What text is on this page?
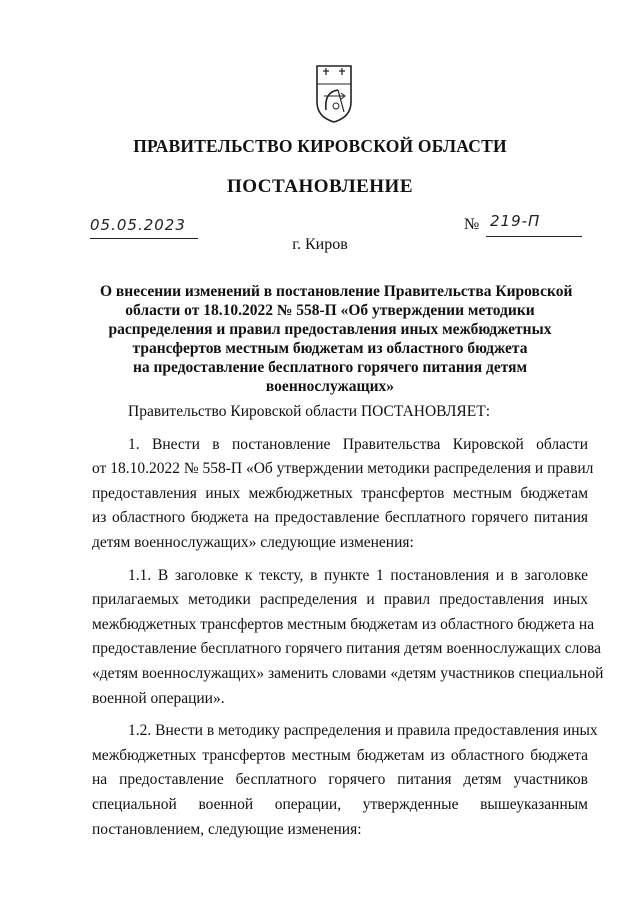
ПРАВИТЕЛЬСТВО КИРОВСКОЙ ОБЛАСТИ
ПОСТАНОВЛЕНИЕ
05.05.2023	№ 219-П
г. Киров
О внесении изменений в постановление Правительства Кировской
области от 18.10.2022 № 558-П «Об утверждении методики
распределения и правил предоставления иных межбюджетных
трансфертов местным бюджетам из областного бюджета
на предоставление бесплатного горячего питания детям
военнослужащих»
Правительство Кировской области ПОСТАНОВЛЯЕТ:
1. Внести в постановление Правительства Кировской области
от 18.10.2022 № 558-П «Об утверждении методики распределения и правил
предоставления иных межбюджетных трансфертов местным бюджетам
из областного бюджета на предоставление бесплатного горячего питания
детям военнослужащих» следующие изменения:
1.1. В заголовке к тексту, в пункте 1 постановления и в заголовке
прилагаемых методики распределения и правил предоставления иных
межбюджетных трансфертов местным бюджетам из областного бюджета на
предоставление бесплатного горячего питания детям военнослужащих слова
«детям военнослужащих» заменить словами «детям участников специальной
военной операции».
1.2. Внести в методику распределения и правила предоставления иных
межбюджетных трансфертов местным бюджетам из областного бюджета
на предоставление бесплатного горячего питания детям участников
специальной военной операции, утвержденные вышеуказанным
постановлением, следующие изменения:
